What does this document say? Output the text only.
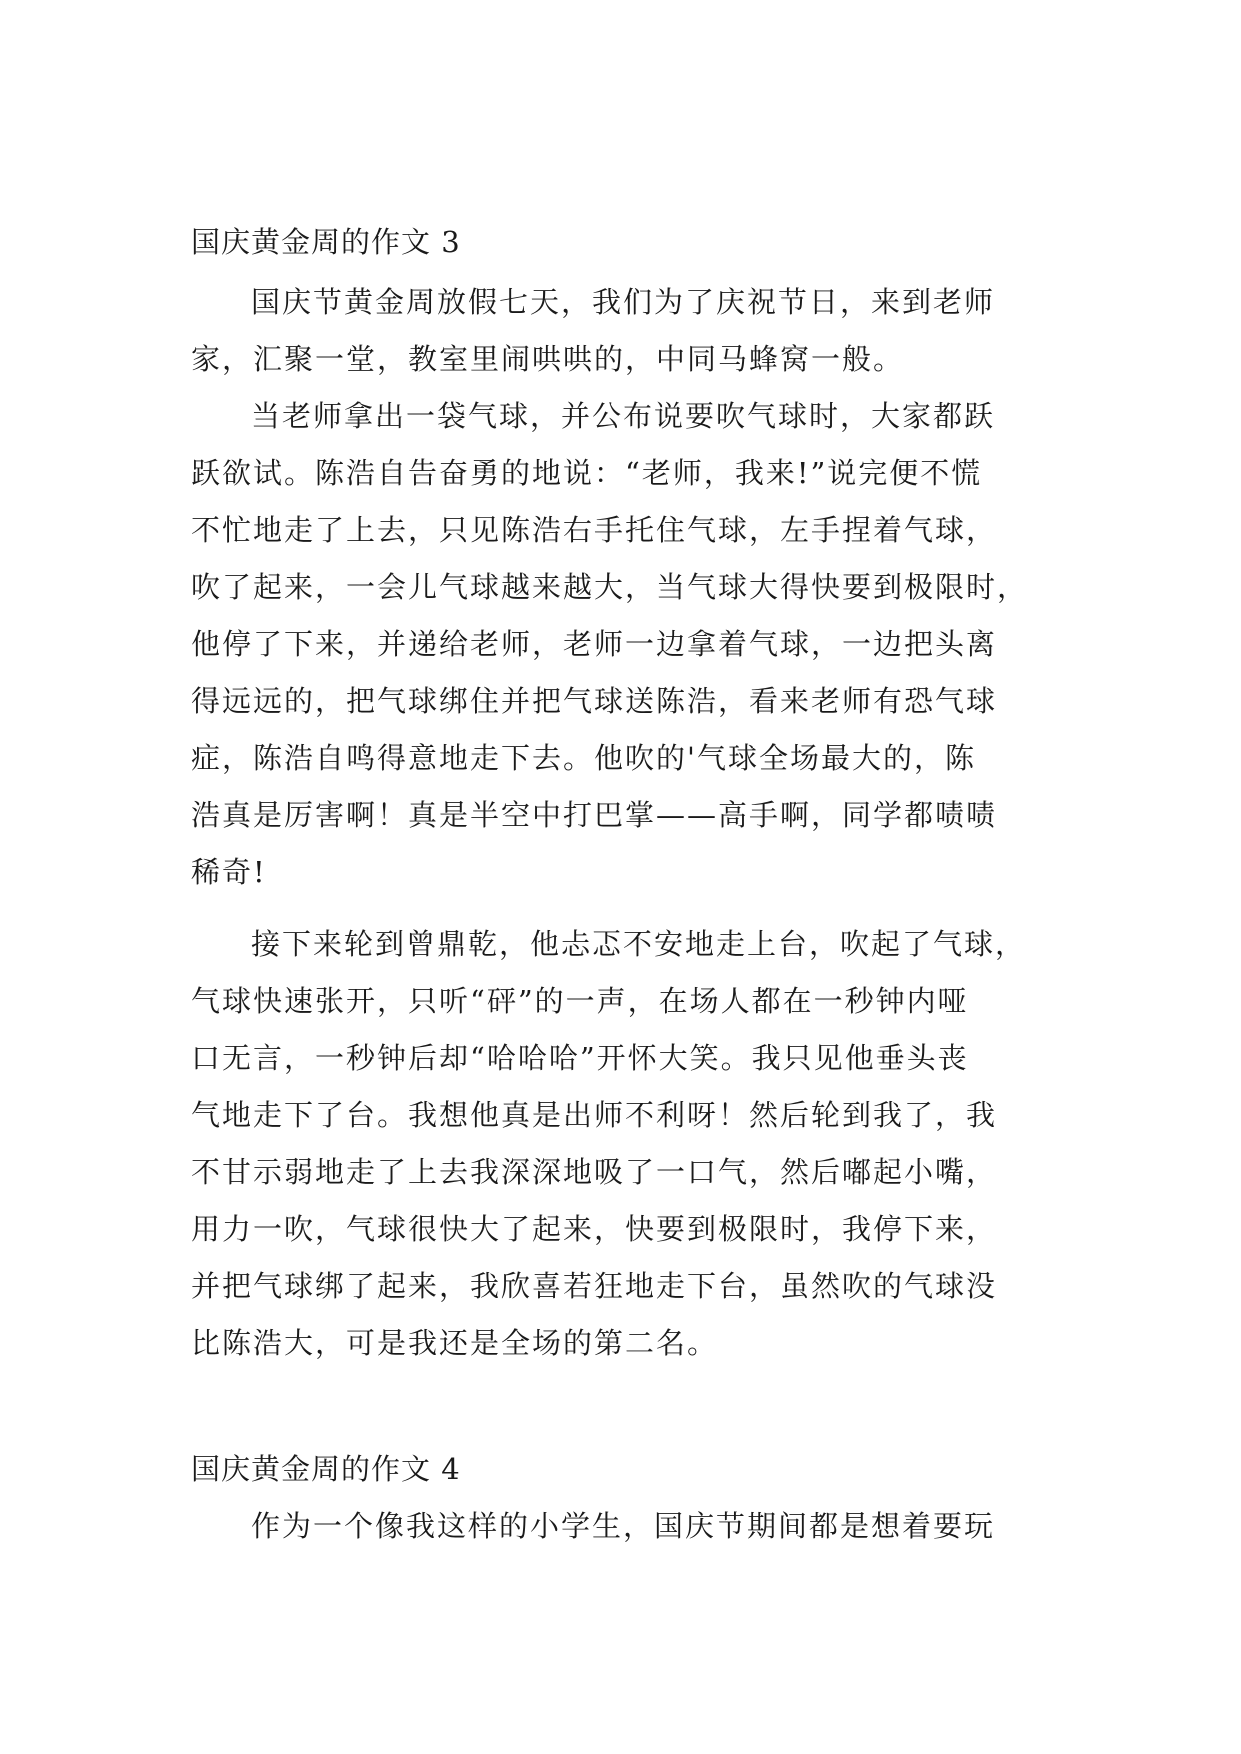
国庆黄金周的作文 3
国庆节黄金周放假七天，我们为了庆祝节日，来到老师
家，汇聚一堂，教室里闹哄哄的，中同马蜂窝一般。
当老师拿出一袋气球，并公布说要吹气球时，大家都跃
跃欲试。陈浩自告奋勇的地说：“老师，我来!”说完便不慌
不忙地走了上去，只见陈浩右手托住气球，左手捏着气球，
吹了起来，一会儿气球越来越大，当气球大得快要到极限时，
他停了下来，并递给老师，老师一边拿着气球，一边把头离
得远远的，把气球绑住并把气球送陈浩，看来老师有恐气球
症，陈浩自鸣得意地走下去。他吹的'气球全场最大的，陈
浩真是厉害啊！真是半空中打巴掌——高手啊，同学都啧啧
稀奇!
接下来轮到曾鼎乾，他忐忑不安地走上台，吹起了气球，
气球快速张开，只听“砰”的一声，在场人都在一秒钟内哑
口无言，一秒钟后却“哈哈哈”开怀大笑。我只见他垂头丧
气地走下了台。我想他真是出师不利呀！然后轮到我了，我
不甘示弱地走了上去我深深地吸了一口气，然后嘟起小嘴，
用力一吹，气球很快大了起来，快要到极限时，我停下来，
并把气球绑了起来，我欣喜若狂地走下台，虽然吹的气球没
比陈浩大，可是我还是全场的第二名。
国庆黄金周的作文 4
作为一个像我这样的小学生，国庆节期间都是想着要玩
